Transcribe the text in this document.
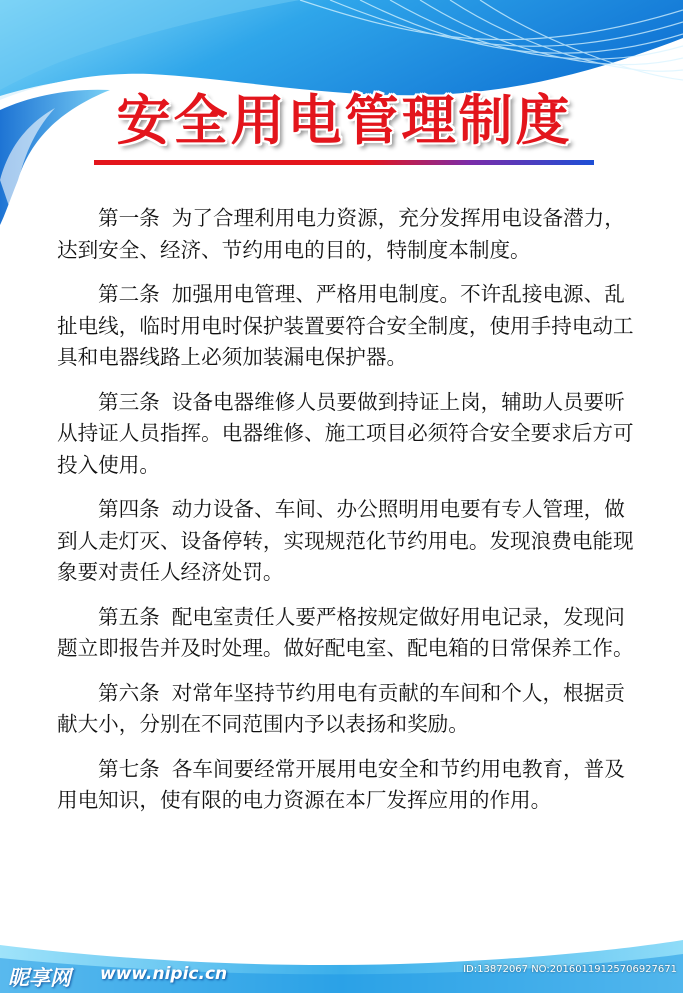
安全用电管理制度

第一条 为了合理利用电力资源，充分发挥用电设备潜力，达到安全、经济、节约用电的目的，特制度本制度。

第二条 加强用电管理、严格用电制度。不许乱接电源、乱扯电线，临时用电时保护装置要符合安全制度，使用手持电动工具和电器线路上必须加装漏电保护器。

第三条 设备电器维修人员要做到持证上岗，辅助人员要听从持证人员指挥。电器维修、施工项目必须符合安全要求后方可投入使用。

第四条 动力设备、车间、办公照明用电要有专人管理，做到人走灯灭、设备停转，实现规范化节约用电。发现浪费电能现象要对责任人经济处罚。

第五条 配电室责任人要严格按规定做好用电记录，发现问题立即报告并及时处理。做好配电室、配电箱的日常保养工作。

第六条 对常年坚持节约用电有贡献的车间和个人，根据贡献大小，分别在不同范围内予以表扬和奖励。

第七条 各车间要经常开展用电安全和节约用电教育，普及用电知识，使有限的电力资源在本厂发挥应用的作用。

昵享网 www.nipic.cn	ID:13872067 NO:20160119125706927671
